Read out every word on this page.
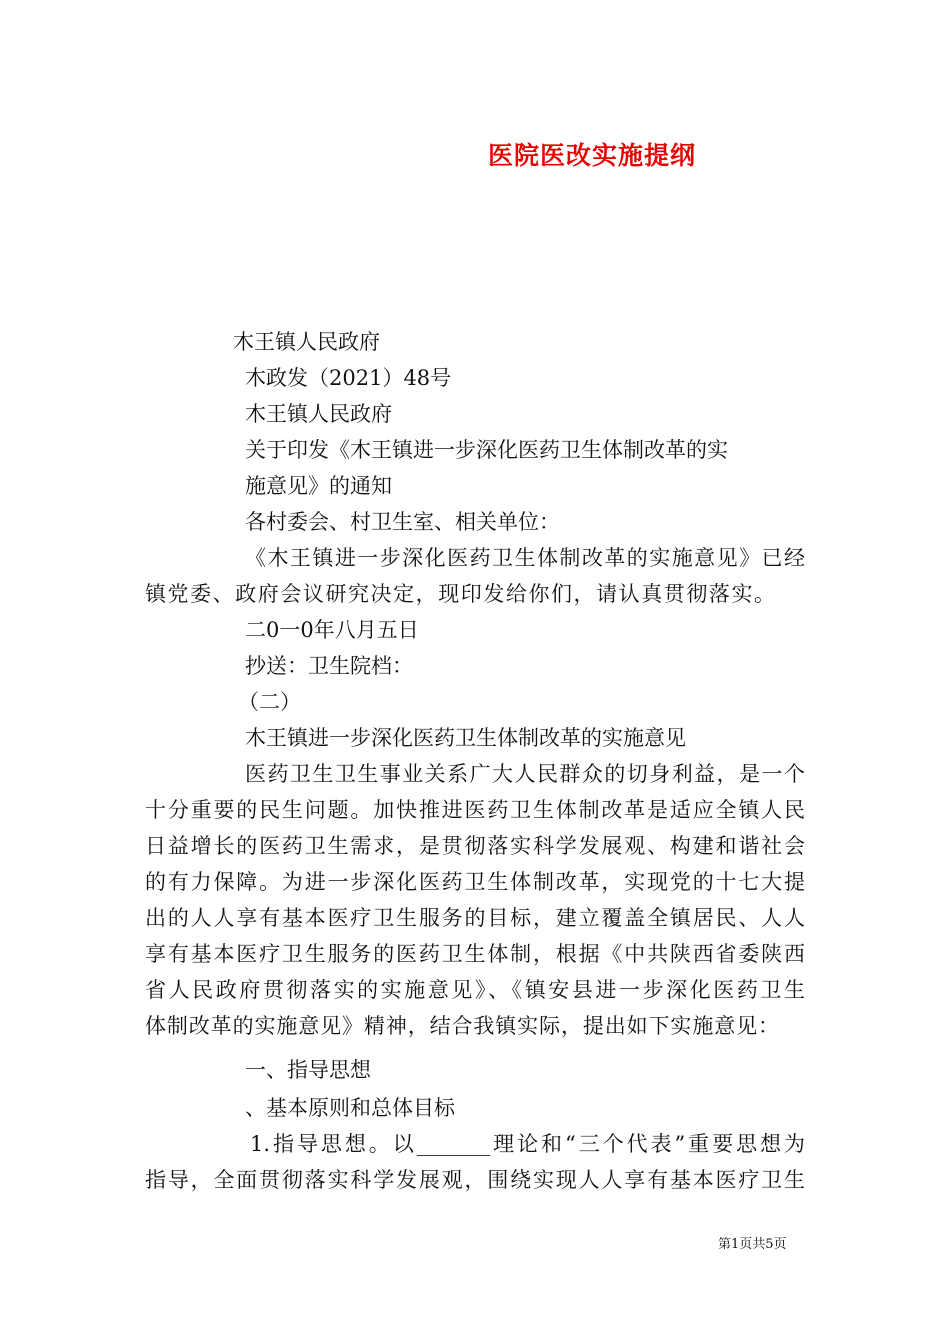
医院医改实施提纲
木王镇人民政府
木政发（2021）48号
木王镇人民政府
关于印发《木王镇进一步深化医药卫生体制改革的实
施意见》的通知
各村委会、村卫生室、相关单位：
《木王镇进一步深化医药卫生体制改革的实施意见》已经
镇党委、政府会议研究决定，现印发给你们，请认真贯彻落实。
二0一0年八月五日
抄送：卫生院档：
（二）
木王镇进一步深化医药卫生体制改革的实施意见
医药卫生卫生事业关系广大人民群众的切身利益，是一个
十分重要的民生问题。加快推进医药卫生体制改革是适应全镇人民
日益增长的医药卫生需求，是贯彻落实科学发展观、构建和谐社会
的有力保障。为进一步深化医药卫生体制改革，实现党的十七大提
出的人人享有基本医疗卫生服务的目标，建立覆盖全镇居民、人人
享有基本医疗卫生服务的医药卫生体制，根据《中共陕西省委陕西
省人民政府贯彻落实的实施意见》、《镇安县进一步深化医药卫生
体制改革的实施意见》精神，结合我镇实际，提出如下实施意见：
一、指导思想
、基本原则和总体目标
1.指导思想。以_______理论和“三个代表”重要思想为
指导，全面贯彻落实科学发展观，围绕实现人人享有基本医疗卫生
第1页共5页
